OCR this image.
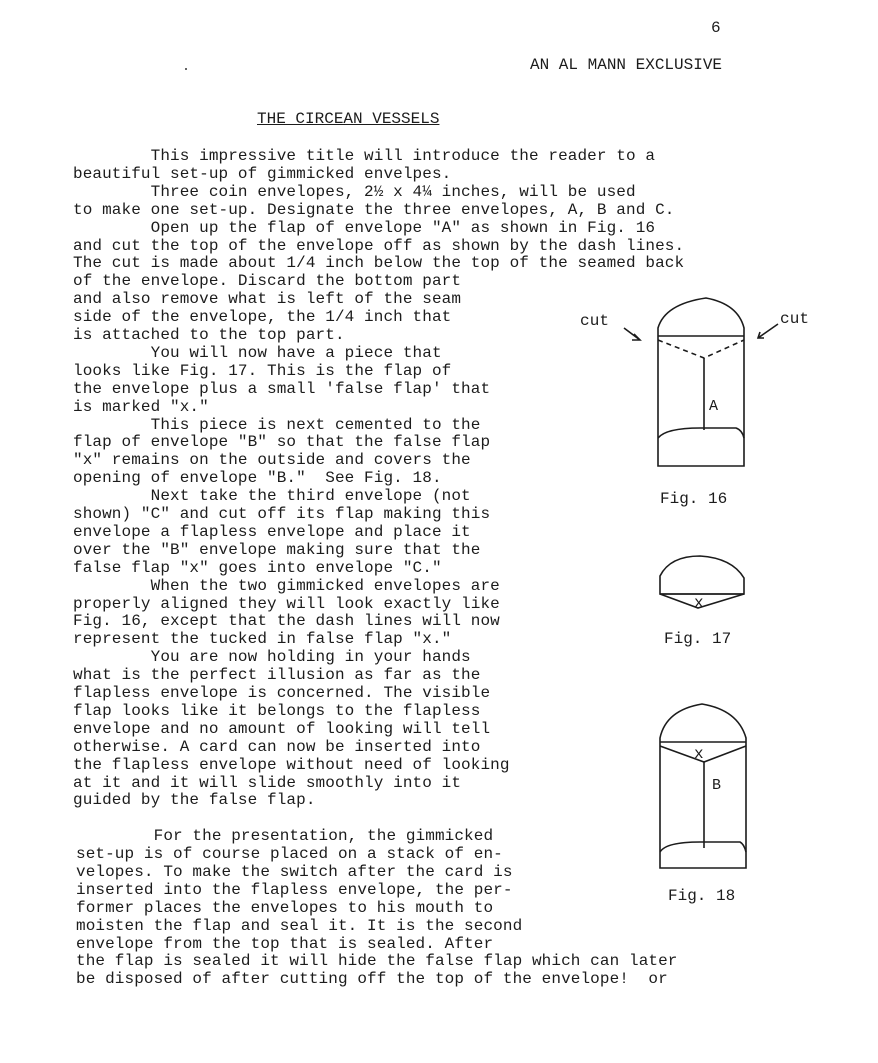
6
AN AL MANN EXCLUSIVE
THE CIRCEAN VESSELS
This impressive title will introduce the reader to a
beautiful set-up of gimmicked envelpes.
Three coin envelopes, 2½ x 4¼ inches, will be used
to make one set-up. Designate the three envelopes, A, B and C.
Open up the flap of envelope "A" as shown in Fig. 16
and cut the top of the envelope off as shown by the dash lines.
The cut is made about 1/4 inch below the top of the seamed back
of the envelope. Discard the bottom part
and also remove what is left of the seam
side of the envelope, the 1/4 inch that
is attached to the top part.
You will now have a piece that
looks like Fig. 17. This is the flap of
the envelope plus a small 'false flap' that
is marked "x."
This piece is next cemented to the
flap of envelope "B" so that the false flap
"x" remains on the outside and covers the
opening of envelope "B."  See Fig. 18.
Next take the third envelope (not
shown) "C" and cut off its flap making this
envelope a flapless envelope and place it
over the "B" envelope making sure that the
false flap "x" goes into envelope "C."
When the two gimmicked envelopes are
properly aligned they will look exactly like
Fig. 16, except that the dash lines will now
represent the tucked in false flap "x."
You are now holding in your hands
what is the perfect illusion as far as the
flapless envelope is concerned. The visible
flap looks like it belongs to the flapless
envelope and no amount of looking will tell
otherwise. A card can now be inserted into
the flapless envelope without need of looking
at it and it will slide smoothly into it
guided by the false flap.
For the presentation, the gimmicked
set-up is of course placed on a stack of en-
velopes. To make the switch after the card is
inserted into the flapless envelope, the per-
former places the envelopes to his mouth to
moisten the flap and seal it. It is the second
envelope from the top that is sealed. After
the flap is sealed it will hide the false flap which can later
be disposed of after cutting off the top of the envelope!  or
cut	cut
A
Fig. 16
x
Fig. 17
x
B
Fig. 18
